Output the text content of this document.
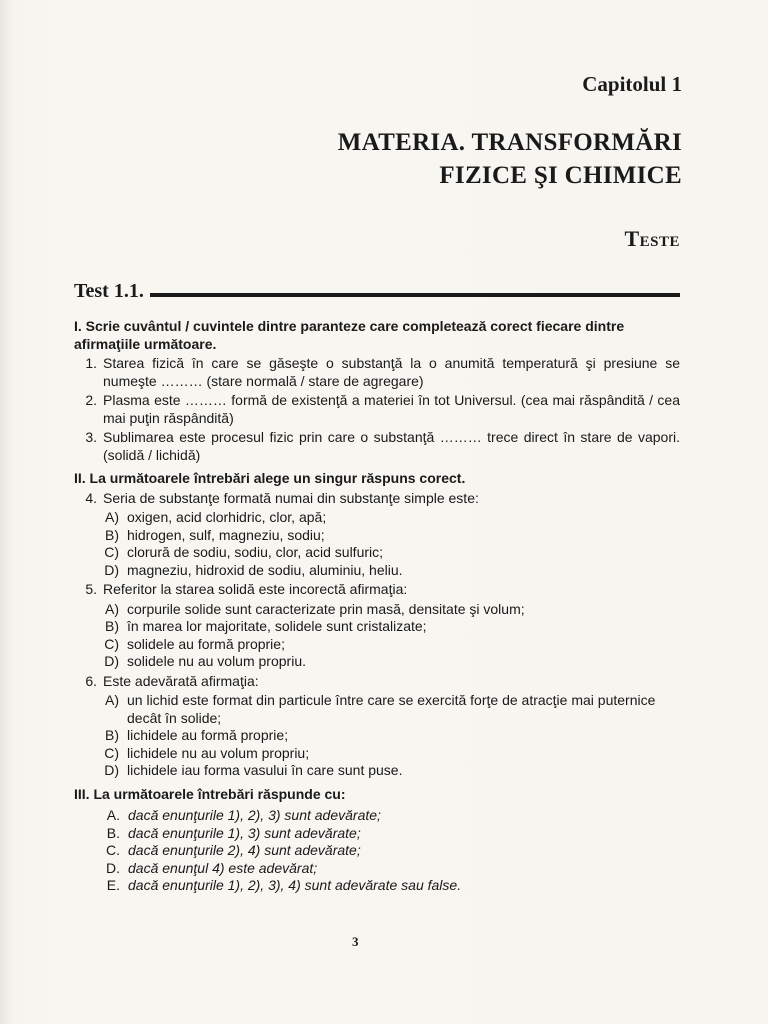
Capitolul 1
MATERIA. TRANSFORMĂRI
FIZICE ŞI CHIMICE
Teste
Test 1.1.

I. Scrie cuvântul / cuvintele dintre paranteze care completează corect fiecare dintre afirmaţiile următoare.

1. Starea fizică în care se găseşte o substanţă la o anumită temperatură şi presiune se numeşte ……… (stare normală / stare de agregare)
2. Plasma este ……… formă de existenţă a materiei în tot Universul. (cea mai răspândită / cea mai puţin răspândită)
3. Sublimarea este procesul fizic prin care o substanţă ……… trece direct în stare de vapori. (solidă / lichidă)

II. La următoarele întrebări alege un singur răspuns corect.

4. Seria de substanţe formată numai din substanţe simple este:
A) oxigen, acid clorhidric, clor, apă;
B) hidrogen, sulf, magneziu, sodiu;
C) clorură de sodiu, sodiu, clor, acid sulfuric;
D) magneziu, hidroxid de sodiu, aluminiu, heliu.
5. Referitor la starea solidă este incorectă afirmaţia:
A) corpurile solide sunt caracterizate prin masă, densitate şi volum;
B) în marea lor majoritate, solidele sunt cristalizate;
C) solidele au formă proprie;
D) solidele nu au volum propriu.
6. Este adevărată afirmaţia:
A) un lichid este format din particule între care se exercită forţe de atracţie mai puternice decât în solide;
B) lichidele au formă proprie;
C) lichidele nu au volum propriu;
D) lichidele iau forma vasului în care sunt puse.

III. La următoarele întrebări răspunde cu:

A. dacă enunţurile 1), 2), 3) sunt adevărate;
B. dacă enunţurile 1), 3) sunt adevărate;
C. dacă enunţurile 2), 4) sunt adevărate;
D. dacă enunţul 4) este adevărat;
E. dacă enunţurile 1), 2), 3), 4) sunt adevărate sau false.
3
